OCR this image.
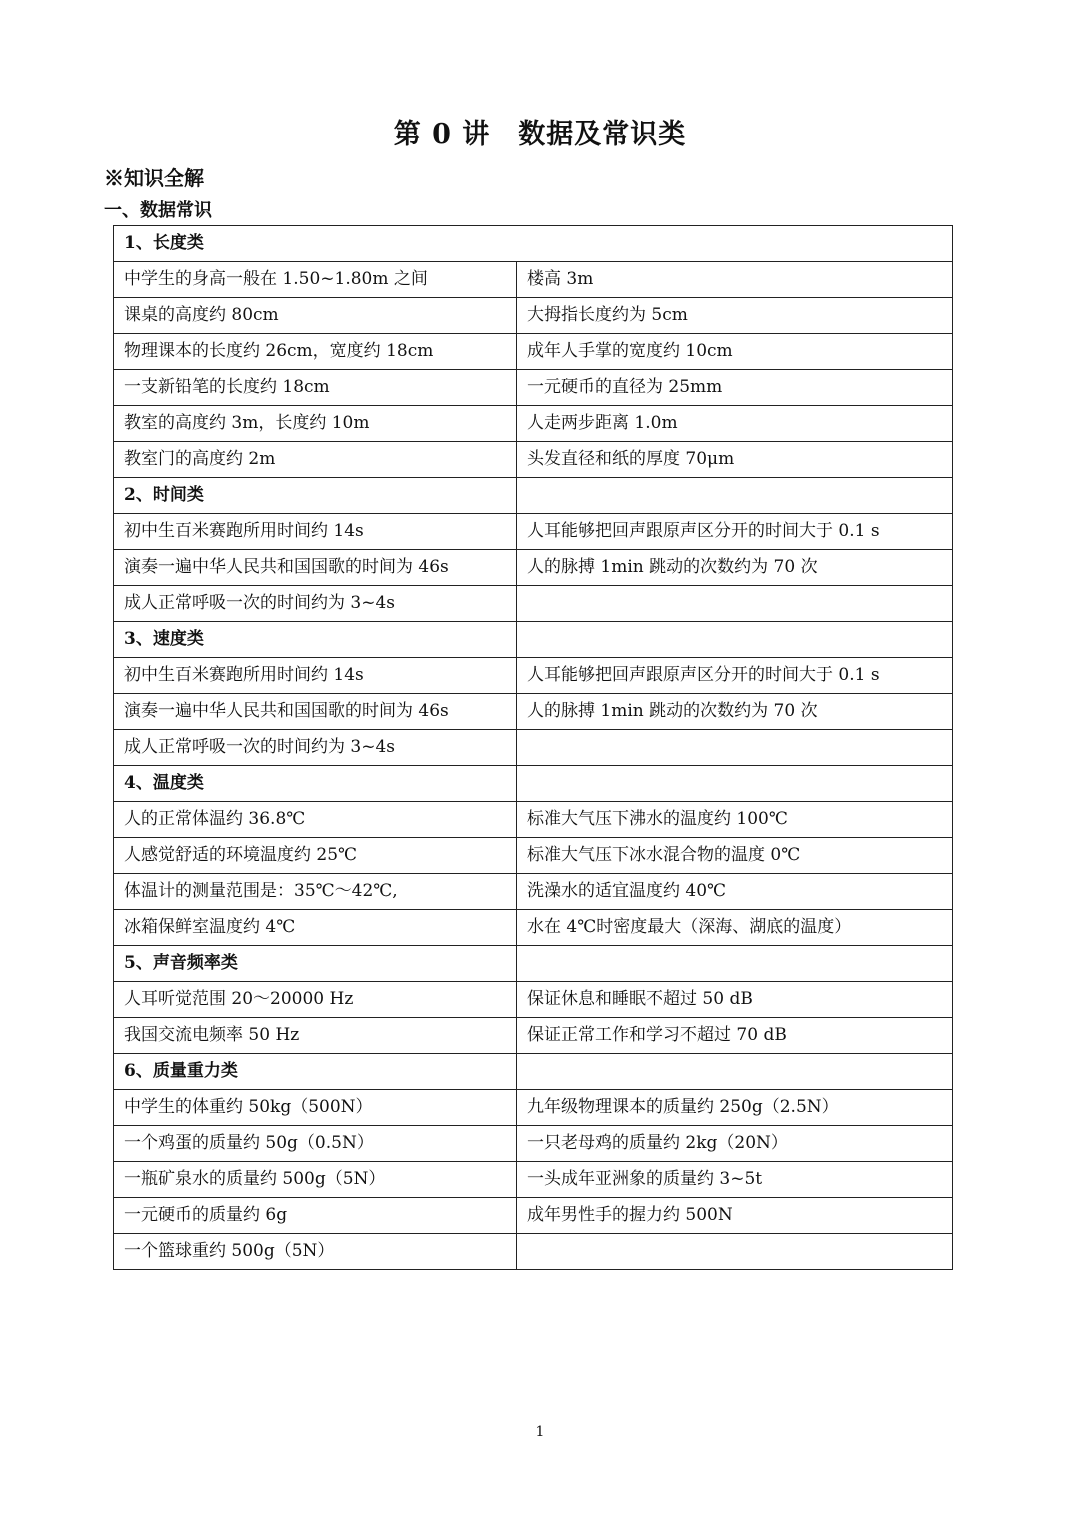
第 0 讲　数据及常识类
※知识全解
一、数据常识
1、长度类	
中学生的身高一般在 1.50~1.80m 之间	楼高 3m
课桌的高度约 80cm	大拇指长度约为 5cm
物理课本的长度约 26cm，宽度约 18cm	成年人手掌的宽度约 10cm
一支新铅笔的长度约 18cm	一元硬币的直径为 25mm
教室的高度约 3m，长度约 10m	人走两步距离 1.0m
教室门的高度约 2m	头发直径和纸的厚度 70μm
2、时间类	
初中生百米赛跑所用时间约 14s	人耳能够把回声跟原声区分开的时间大于 0.1 s
演奏一遍中华人民共和国国歌的时间为 46s	人的脉搏 1min 跳动的次数约为 70 次
成人正常呼吸一次的时间约为 3~4s	
3、速度类	
初中生百米赛跑所用时间约 14s	人耳能够把回声跟原声区分开的时间大于 0.1 s
演奏一遍中华人民共和国国歌的时间为 46s	人的脉搏 1min 跳动的次数约为 70 次
成人正常呼吸一次的时间约为 3~4s	
4、温度类	
人的正常体温约 36.8℃	标准大气压下沸水的温度约 100℃
人感觉舒适的环境温度约 25℃	标准大气压下冰水混合物的温度 0℃
体温计的测量范围是：35℃～42℃,	洗澡水的适宜温度约 40℃
冰箱保鲜室温度约 4℃	水在 4℃时密度最大（深海、湖底的温度）
5、声音频率类	
人耳听觉范围 20～20000 Hz	保证休息和睡眠不超过 50 dB
我国交流电频率 50 Hz	保证正常工作和学习不超过 70 dB
6、质量重力类	
中学生的体重约 50kg（500N）	九年级物理课本的质量约 250g（2.5N）
一个鸡蛋的质量约 50g（0.5N）	一只老母鸡的质量约 2kg（20N）
一瓶矿泉水的质量约 500g（5N）	一头成年亚洲象的质量约 3~5t
一元硬币的质量约 6g	成年男性手的握力约 500N
一个篮球重约 500g（5N）	
1
